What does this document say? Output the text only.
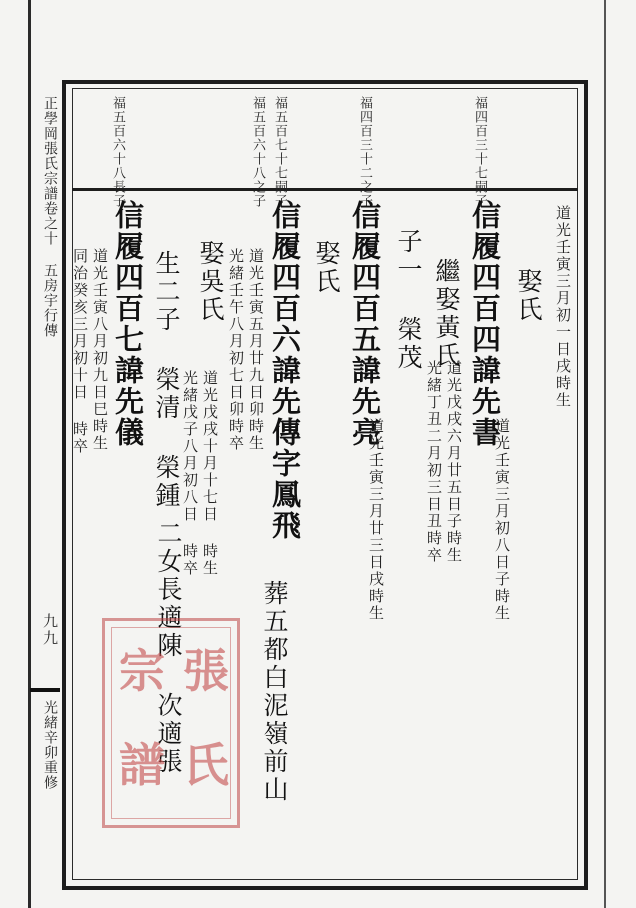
正學岡張氏宗譜卷之十 五房宇行傳
九九
光緒辛卯重修
福四百三十七嗣子
福四百三十二之子
福五百六十八之子 福五百七十七嗣子
福五百六十八長子
道光壬寅三月初一日戌時生
娶氏
信履四百四諱先書
道光壬寅三月初八日子時生
繼娶黃氏
道光戊戌六月廿五日子時生
光緒丁丑二月初三日丑時卒
子一 榮茂
信履四百五諱先亮
道光壬寅三月廿三日戌時生
娶氏
信履四百六諱先傳字鳳飛
道光壬寅五月廿九日卯時生
光緒壬午八月初七日卯時卒
葬五都白泥嶺前山
娶吳氏
道光戊戌十月十七日 時生
光緒戊子八月初八日 時卒
生二子 榮清 榮鍾
二女長適陳 次適張
信履四百七諱先儀
道光壬寅八月初九日巳時生
同治癸亥三月初十日 時卒
張
氏
宗
譜
